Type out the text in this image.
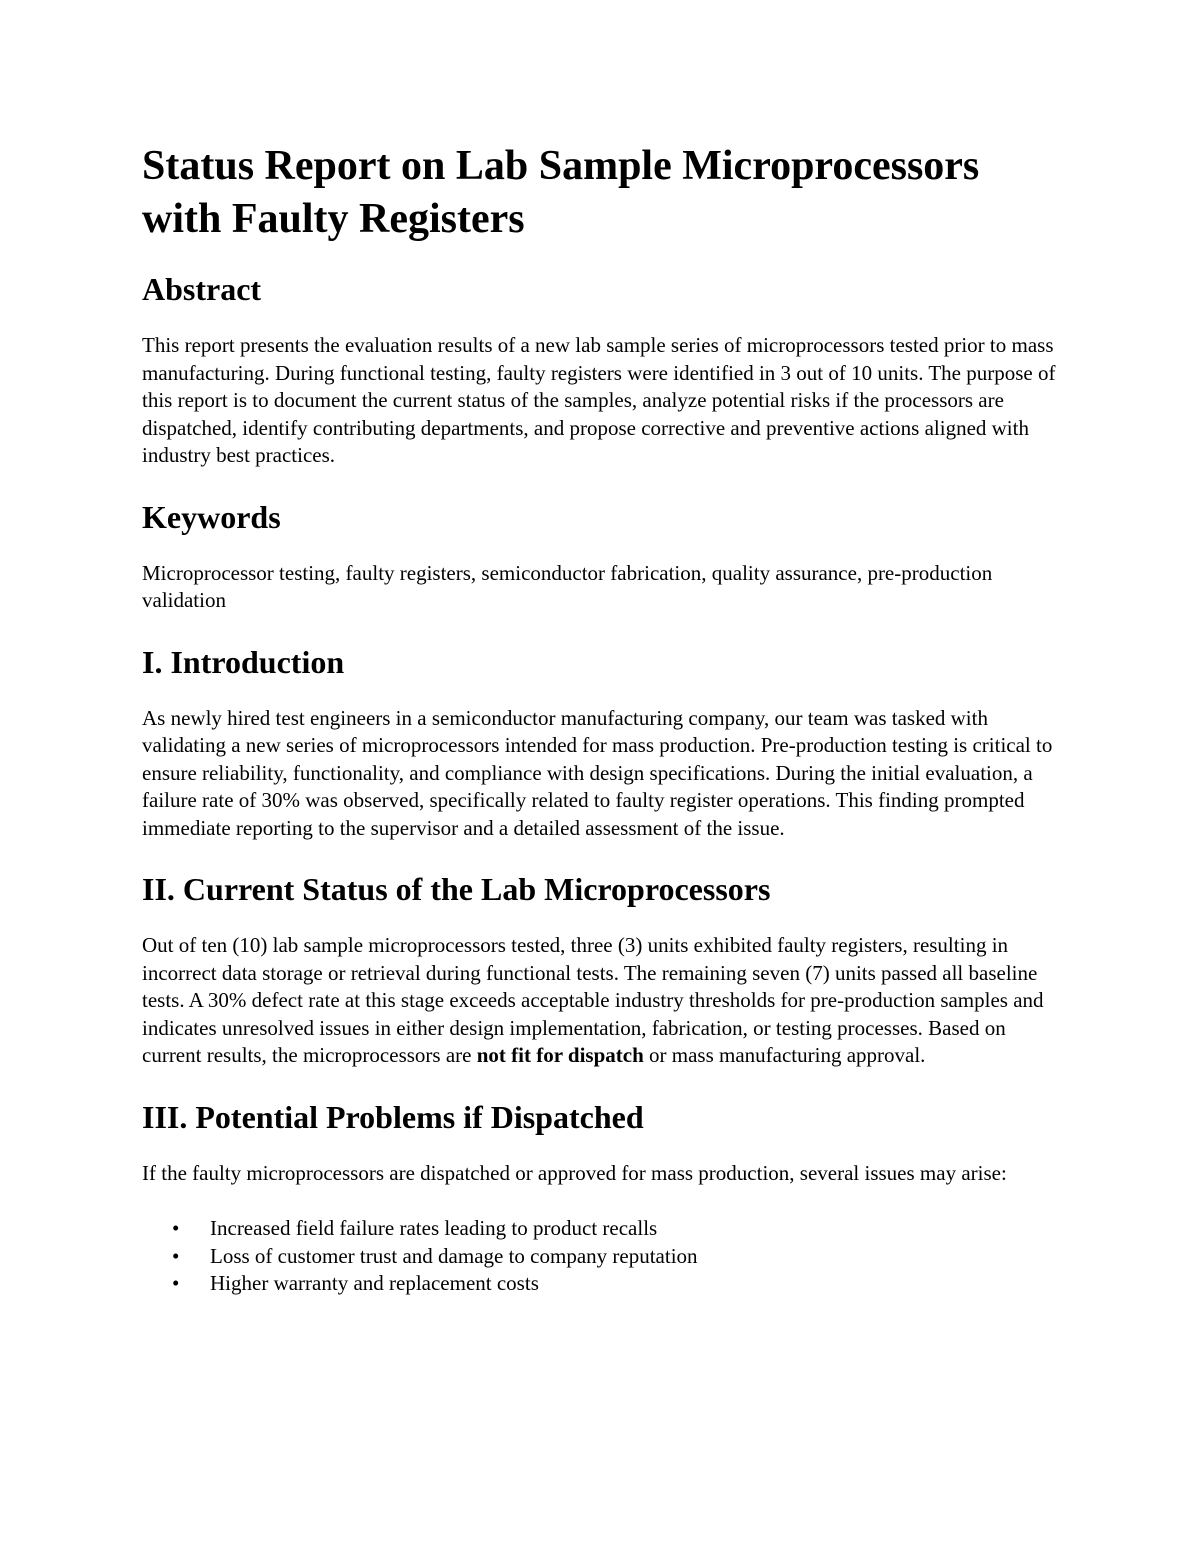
Status Report on Lab Sample Microprocessors with Faulty Registers
Abstract

This report presents the evaluation results of a new lab sample series of microprocessors tested prior to mass manufacturing. During functional testing, faulty registers were identified in 3 out of 10 units. The purpose of this report is to document the current status of the samples, analyze potential risks if the processors are dispatched, identify contributing departments, and propose corrective and preventive actions aligned with industry best practices.

Keywords

Microprocessor testing, faulty registers, semiconductor fabrication, quality assurance, pre-production validation

I. Introduction

As newly hired test engineers in a semiconductor manufacturing company, our team was tasked with validating a new series of microprocessors intended for mass production. Pre-production testing is critical to ensure reliability, functionality, and compliance with design specifications. During the initial evaluation, a failure rate of 30% was observed, specifically related to faulty register operations. This finding prompted immediate reporting to the supervisor and a detailed assessment of the issue.

II. Current Status of the Lab Microprocessors

Out of ten (10) lab sample microprocessors tested, three (3) units exhibited faulty registers, resulting in incorrect data storage or retrieval during functional tests. The remaining seven (7) units passed all baseline tests. A 30% defect rate at this stage exceeds acceptable industry thresholds for pre-production samples and indicates unresolved issues in either design implementation, fabrication, or testing processes. Based on current results, the microprocessors are not fit for dispatch or mass manufacturing approval.

III. Potential Problems if Dispatched

If the faulty microprocessors are dispatched or approved for mass production, several issues may arise:

• Increased field failure rates leading to product recalls
• Loss of customer trust and damage to company reputation
• Higher warranty and replacement costs
